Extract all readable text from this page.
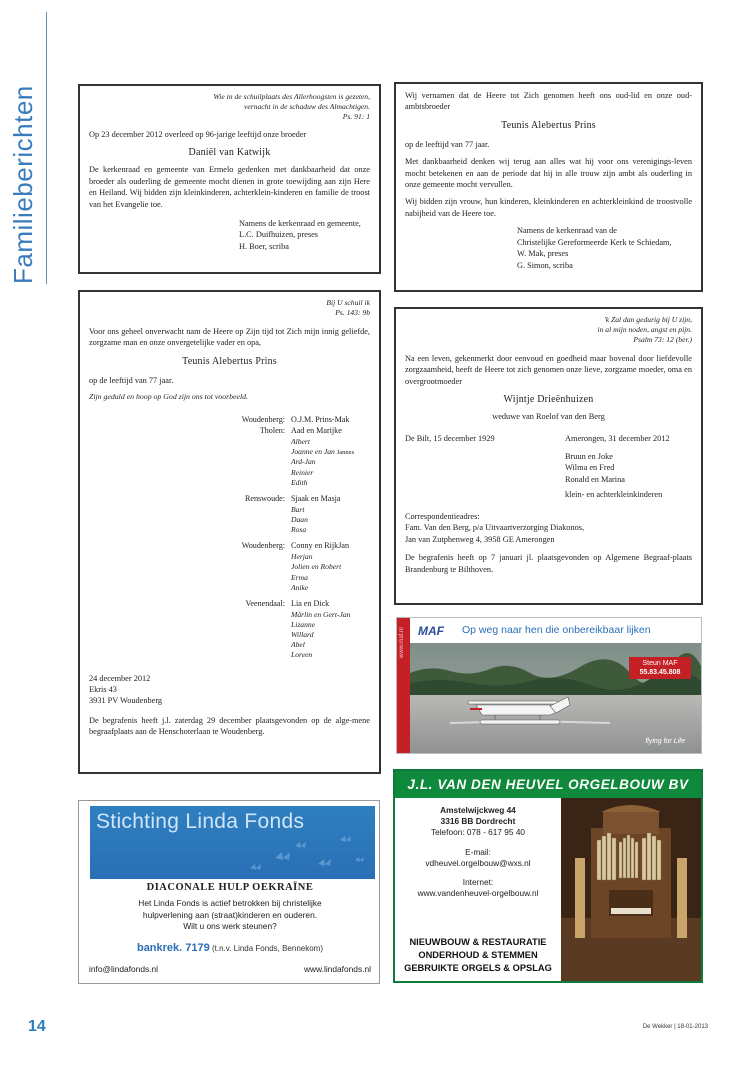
Familieberichten	Wie in de schuilplaats des Allerhoogsten is gezeten,
vernacht in de schaduw des Almachtigen.
Ps. 91: 1
Op 23 december 2012 overleed op 96-jarige leeftijd onze broeder
Daniël van Katwijk
De kerkenraad en gemeente van Ermelo gedenken met dankbaarheid dat onze broeder als ouderling de gemeente mocht dienen in grote toewijding aan zijn Here en Heiland. Wij bidden zijn kleinkinderen, achterklein-kinderen en familie de troost van het Evangelie toe.
Namens de kerkenraad en gemeente,
L.C. Duifhuizen, preses
H. Boer, scriba
Wij vernamen dat de Heere tot Zich genomen heeft ons oud-lid en onze oud-ambtsbroeder
Teunis Alebertus Prins
op de leeftijd van 77 jaar.
Met dankbaarheid denken wij terug aan alles wat hij voor ons verenigings-leven mocht betekenen en aan de periode dat hij in alle trouw zijn ambt als ouderling in onze gemeente mocht vervullen.
Wij bidden zijn vrouw, hun kinderen, kleinkinderen en achterkleinkind de troostvolle nabijheid van de Heere toe.
Namens de kerkenraad van de
Christelijke Gereformeerde Kerk te Schiedam,
W. Mak, preses
G. Simon, scriba
Bij U schuil ik
Ps. 143: 9b
Voor ons geheel onverwacht nam de Heere op Zijn tijd tot Zich mijn innig geliefde, zorgzame man en onze onvergetelijke vader en opa,
Teunis Alebertus Prins
op de leeftijd van 77 jaar.
Zijn geduld en hoop op God zijn ons tot voorbeeld.
Woudenberg: O.J.M. Prins-Mak
Tholen: Aad en Marijke
Albert
Joanne en Jan Jannes
Ard-Jan
Reinier
Edith
Renswoude: Sjaak en Masja
Bart
Daan
Rosa
Woudenberg: Conny en RijkJan
Herjan
Jolien en Robert
Erma
Anike
Veenendaal: Lia en Dick
Mårlin en Gert-Jan
Lizanne
Willard
Abel
Loreen
24 december 2012
Ekris 43
3931 PV Woudenberg
De begrafenis heeft j.l. zaterdag 29 december plaatsgevonden op de alge-mene begraafplaats aan de Henschoterlaan te Woudenberg.
'k Zal dan gedurig bij U zijn,
in al mijn noden, angst en pijn.
Psalm 73: 12 (ber.)
Na een leven, gekenmerkt door eenvoud en goedheid maar bovenal door liefdevolle zorgzaamheid, heeft de Heere tot zich genomen onze lieve, zorgzame moeder, oma en overgrootmoeder
Wijntje Drieënhuizen
weduwe van Roelof van den Berg
De Bilt, 15 december 1929	Amerongen, 31 december 2012
Bruun en Joke
Wilma en Fred
Ronald en Marina
klein- en achterkleinkinderen
Correspondentieadres:
Fam. Van den Berg, p/a Uitvaartverzorging Diakonos,
Jan van Zutphenweg 4, 3958 GE Amerongen
De begrafenis heeft op 7 januari jl. plaatsgevonden op Algemene Begraaf-plaats Brandenburg te Bilthoven.
www.maf.nl MAF Op weg naar hen die onbereikbaar lijken
Steun MAF
55.83.45.808
flying for Life
Stichting Linda Fonds
DIACONALE HULP OEKRAÏNE
Het Linda Fonds is actief betrokken bij christelijke
hulpverlening aan (straat)kinderen en ouderen.
Wilt u ons werk steunen?
bankrek. 7179 (t.n.v. Linda Fonds, Bennekom)
info@lindafonds.nl	www.lindafonds.nl
J.L. VAN DEN HEUVEL ORGELBOUW BV
Amstelwijckweg 44
3316 BB Dordrecht
Telefoon: 078 - 617 95 40
E-mail:
vdheuvel.orgelbouw@wxs.nl
Internet:
www.vandenheuvel-orgelbouw.nl
NIEUWBOUW & RESTAURATIE
ONDERHOUD & STEMMEN
GEBRUIKTE ORGELS & OPSLAG
14	De Wekker | 18-01-2013
